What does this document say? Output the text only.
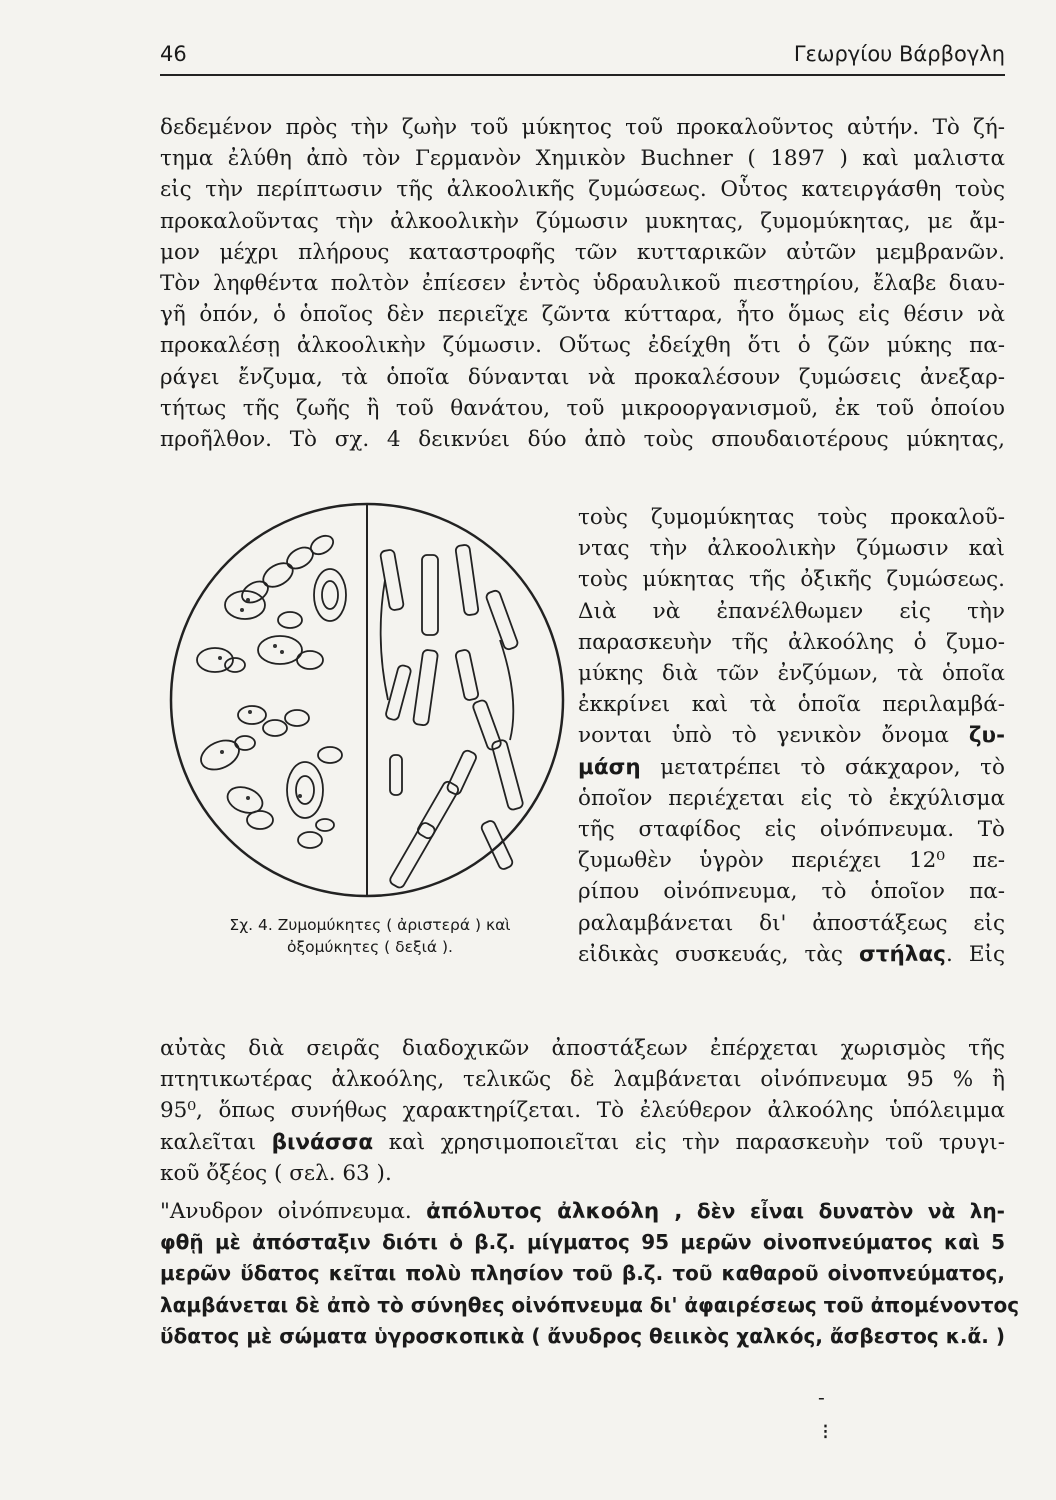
46	Γεωργίου Βάρβογλη
δεδεμένον πρὸς τὴν ζωὴν τοῦ μύκητος τοῦ προκαλοῦντος αὐτήν. Τὸ ζή-
τημα ἐλύθη ἀπὸ τὸν Γερμανὸν Χημικὸν Buchner ( 1897 ) καὶ μαλιστα
εἰς τὴν περίπτωσιν τῆς ἀλκοολικῆς ζυμώσεως. Οὗτος κατειργάσθη τοὺς
προκαλοῦντας τὴν ἀλκοολικὴν ζύμωσιν μυκητας, ζυμομύκητας, με ἄμ-
μον μέχρι πλήρους καταστροφῆς τῶν κυτταρικῶν αὐτῶν μεμβρανῶν.
Τὸν ληφθέντα πολτὸν ἐπίεσεν ἐντὸς ὑδραυλικοῦ πιεστηρίου, ἔλαβε διαυ-
γῆ ὀπόν, ὁ ὁποῖος δὲν περιεῖχε ζῶντα κύτταρα, ἦτο ὅμως εἰς θέσιν νὰ
προκαλέσῃ ἀλκοολικὴν ζύμωσιν. Οὕτως ἐδείχθη ὅτι ὁ ζῶν μύκης πα-
ράγει ἔνζυμα, τὰ ὁποῖα δύνανται νὰ προκαλέσουν ζυμώσεις ἀνεξαρ-
τήτως τῆς ζωῆς ἢ τοῦ θανάτου, τοῦ μικροοργανισμοῦ, ἐκ τοῦ ὁποίου
προῆλθον. Τὸ σχ. 4 δεικνύει δύο ἀπὸ τοὺς σπουδαιοτέρους μύκητας,
τοὺς ζυμομύκητας τοὺς προκαλοῦ-
ντας τὴν ἀλκοολικὴν ζύμωσιν καὶ
τοὺς μύκητας τῆς ὀξικῆς ζυμώσεως.
Διὰ νὰ ἐπανέλθωμεν εἰς τὴν
παρασκευὴν τῆς ἀλκοόλης ὁ ζυμο-
μύκης διὰ τῶν ἐνζύμων, τὰ ὁποῖα
ἐκκρίνει καὶ τὰ ὁποῖα περιλαμβά-
νονται ὑπὸ τὸ γενικὸν ὄνομα ζυ-
μάση μετατρέπει τὸ σάκχαρον, τὸ
ὁποῖον περιέχεται εἰς τὸ ἐκχύλισμα
τῆς σταφίδος εἰς οἰνόπνευμα. Τὸ
ζυμωθὲν ὑγρὸν περιέχει 12⁰ πε-
ρίπου οἰνόπνευμα, τὸ ὁποῖον πα-
ραλαμβάνεται δι' ἀποστάξεως εἰς
εἰδικὰς συσκευάς, τὰς στήλας. Εἰς
Σχ. 4. Ζυμομύκητες ( ἀριστερά ) καὶ
ὀξομύκητες ( δεξιά ).
αὐτὰς διὰ σειρᾶς διαδοχικῶν ἀποστάξεων ἐπέρχεται χωρισμὸς τῆς
πτητικωτέρας ἀλκοόλης, τελικῶς δὲ λαμβάνεται οἰνόπνευμα 95 % ἢ
95⁰, ὅπως συνήθως χαρακτηρίζεται. Τὸ ἐλεύθερον ἀλκοόλης ὑπόλειμμα
καλεῖται βινάσσα καὶ χρησιμοποιεῖται εἰς τὴν παρασκευὴν τοῦ τρυγι-
κοῦ ὄξέος ( σελ. 63 ).
"Ανυδρον οἰνόπνευμα. ἀπόλυτος ἀλκοόλη , δὲν εἶναι δυνατὸν νὰ λη-
φθῇ μὲ ἀπόσταξιν διότι ὁ β.ζ. μίγματος 95 μερῶν οἰνοπνεύματος καὶ 5
μερῶν ὕδατος κεῖται πολὺ πλησίον τοῦ β.ζ. τοῦ καθαροῦ οἰνοπνεύματος,
λαμβάνεται δὲ ἀπὸ τὸ σύνηθες οἰνόπνευμα δι' ἀφαιρέσεως τοῦ ἀπομένοντος
ὕδατος μὲ σώματα ὑγροσκοπικὰ ( ἄνυδρος θειικὸς χαλκός, ἄσβεστος κ.ἄ. )
-
⁝
